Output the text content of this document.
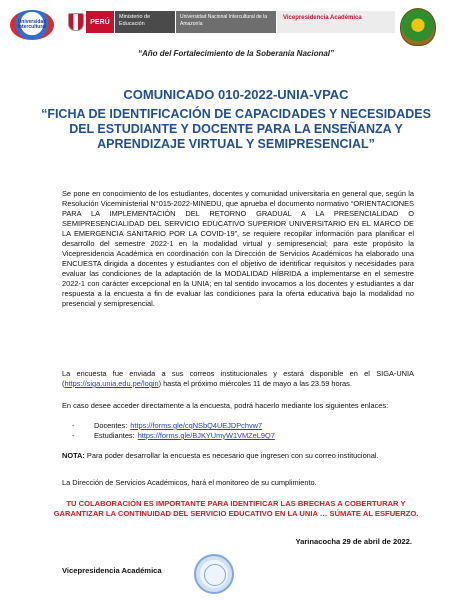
Universidad Intercultural
PERÚ
Ministerio de Educación
Universidad Nacional Intercultural de la Amazonía
Vicepresidencia Académica
“Año del Fortalecimiento de la Soberanía Nacional”
COMUNICADO 010-2022-UNIA-VPAC
“FICHA DE IDENTIFICACIÓN DE CAPACIDADES Y NECESIDADES DEL ESTUDIANTE Y DOCENTE PARA LA ENSEÑANZA Y APRENDIZAJE VIRTUAL Y SEMIPRESENCIAL”
Se pone en conocimiento de los estudiantes, docentes y comunidad universitaria en general que, según la Resolución Viceministerial N°015-2022-MINEDU, que aprueba el documento normativo “ORIENTACIONES PARA LA IMPLEMENTACIÓN DEL RETORNO GRADUAL A LA PRESENCIALIDAD O SEMIPRESENCIALIDAD DEL SERVICIO EDUCATIVO SUPERIOR UNIVERSITARIO EN EL MARCO DE LA EMERGENCIA SANITARIO POR LA COVID-19”, se requiere recopilar información para planificar el desarrollo del semestre 2022-1 en la modalidad virtual y semipresencial; para este propósito la Vicepresidencia Académica en coordinación con la Dirección de Servicios Académicos ha elaborado una ENCUESTA dirigida a docentes y estudiantes con el objetivo de identificar requisitos y necesidades para evaluar las condiciones de la adaptación de la MODALIDAD HÍBRIDA a implementarse en el semestre 2022-1 con carácter excepcional en la UNIA; en tal sentido invocamos a los docentes y estudiantes a dar respuesta a la encuesta a fin de evaluar las condiciones para la oferta educativa bajo la modalidad no presencial y semipresencial.
La encuesta fue enviada a sus correos institucionales y estará disponible en el SIGA-UNIA (https://siga.unia.edu.pe/login) hasta el próximo miércoles 11 de mayo a las 23.59 horas.
En caso desee acceder directamente a la encuesta, podrá hacerlo mediante los siguientes enlaces:
-	Docentes: https://forms.gle/cqNSbQ4UEJDPchvw7
-	Estudiantes: https://forms.gle/BJKYUmyW1VMZeL9Q7
NOTA: Para poder desarrollar la encuesta es necesario que ingresen con su correo institucional.
La Dirección de Servicios Académicos, hará el monitoreo de su cumplimiento.
TU COLABORACIÓN ES IMPORTANTE PARA IDENTIFICAR LAS BRECHAS A COBERTURAR Y GARANTIZAR LA CONTINUIDAD DEL SERVICIO EDUCATIVO EN LA UNIA … SÚMATE AL ESFUERZO.
Yarinacocha 29 de abril de 2022.
Vicepresidencia Académica
